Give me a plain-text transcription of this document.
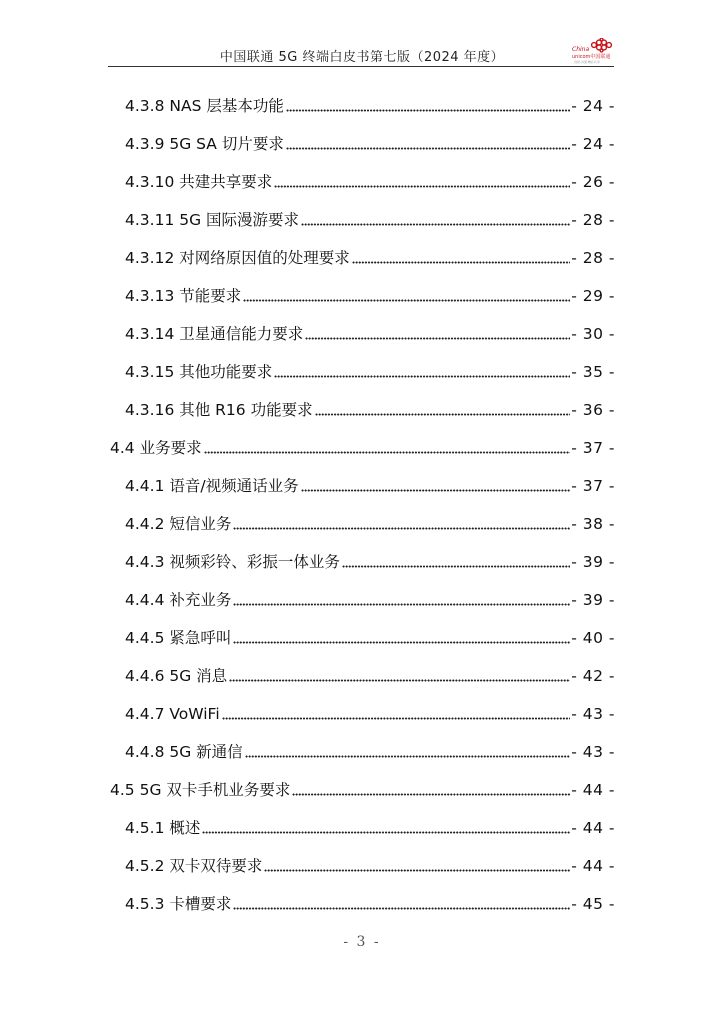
中国联通 5G 终端白皮书第七版（2024 年度）
China
unicom中国联通
创新·沟通·精彩共享
4.3.8 NAS 层基本功能	- 24 -
4.3.9 5G SA 切片要求	- 24 -
4.3.10 共建共享要求	- 26 -
4.3.11 5G 国际漫游要求	- 28 -
4.3.12 对网络原因值的处理要求	- 28 -
4.3.13 节能要求	- 29 -
4.3.14 卫星通信能力要求	- 30 -
4.3.15 其他功能要求	- 35 -
4.3.16 其他 R16 功能要求	- 36 -
4.4 业务要求	- 37 -
4.4.1 语音/视频通话业务	- 37 -
4.4.2 短信业务	- 38 -
4.4.3 视频彩铃、彩振一体业务	- 39 -
4.4.4 补充业务	- 39 -
4.4.5 紧急呼叫	- 40 -
4.4.6 5G 消息	- 42 -
4.4.7 VoWiFi	- 43 -
4.4.8 5G 新通信	- 43 -
4.5 5G 双卡手机业务要求	- 44 -
4.5.1 概述	- 44 -
4.5.2 双卡双待要求	- 44 -
4.5.3 卡槽要求	- 45 -
- 3 -
